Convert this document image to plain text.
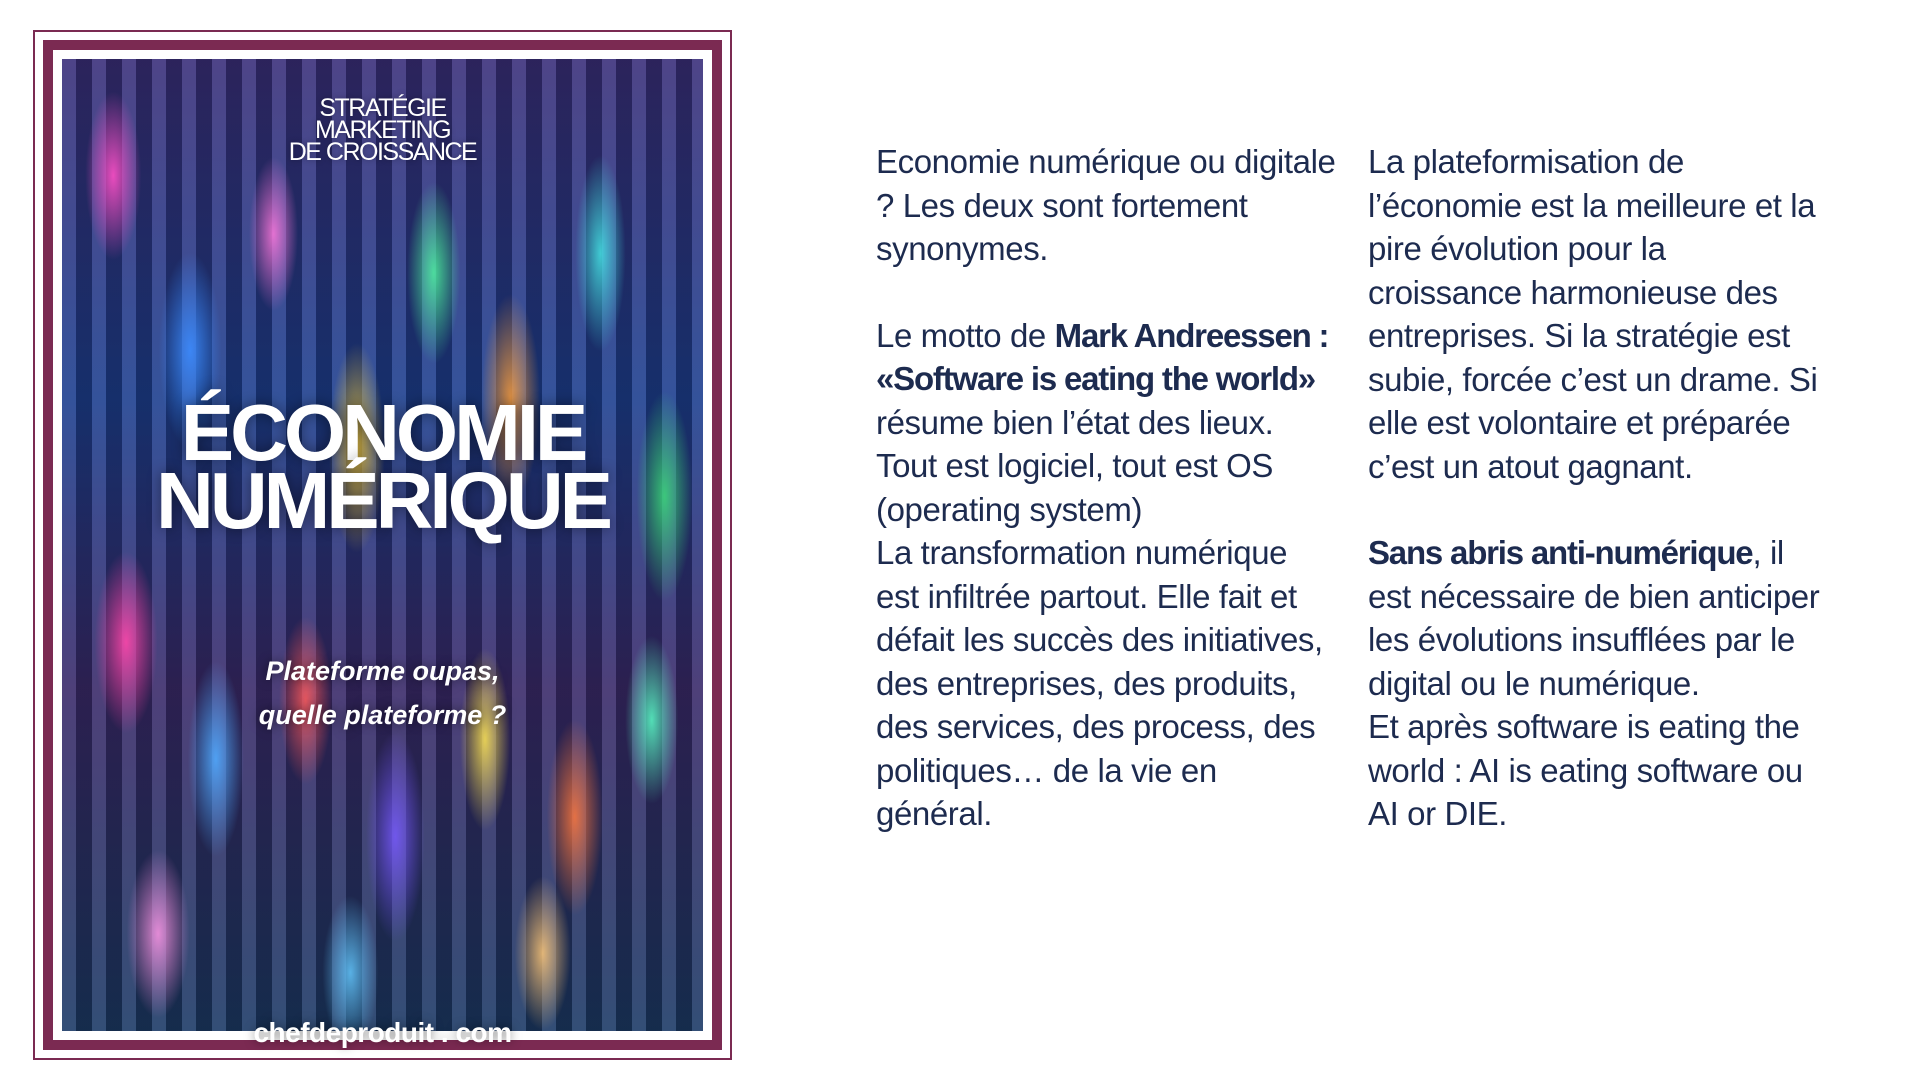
STRATÉGIE
MARKETING
DE CROISSANCE
ÉCONOMIE
NUMÉRIQUE
Plateforme oupas,
quelle plateforme ?
chefdeproduit . com
Economie numérique ou digitale ? Les deux sont fortement synonymes.
Le motto de Mark Andreessen : «Software is eating the world» résume bien l’état des lieux. Tout est logiciel, tout est OS (operating system)
La transformation numérique est infiltrée partout. Elle fait et défait les succès des initiatives, des entreprises, des produits, des services, des process, des politiques… de la vie en général.
La plateformisation de l’économie est la meilleure et la pire évolution pour la croissance harmonieuse des entreprises. Si la stratégie est subie, forcée c’est un drame. Si elle est volontaire et préparée c’est un atout gagnant.
Sans abris anti-numérique, il est nécessaire de bien anticiper les évolutions insufflées par le digital ou le numérique.
Et après software is eating the world : AI is eating software ou AI or DIE.
